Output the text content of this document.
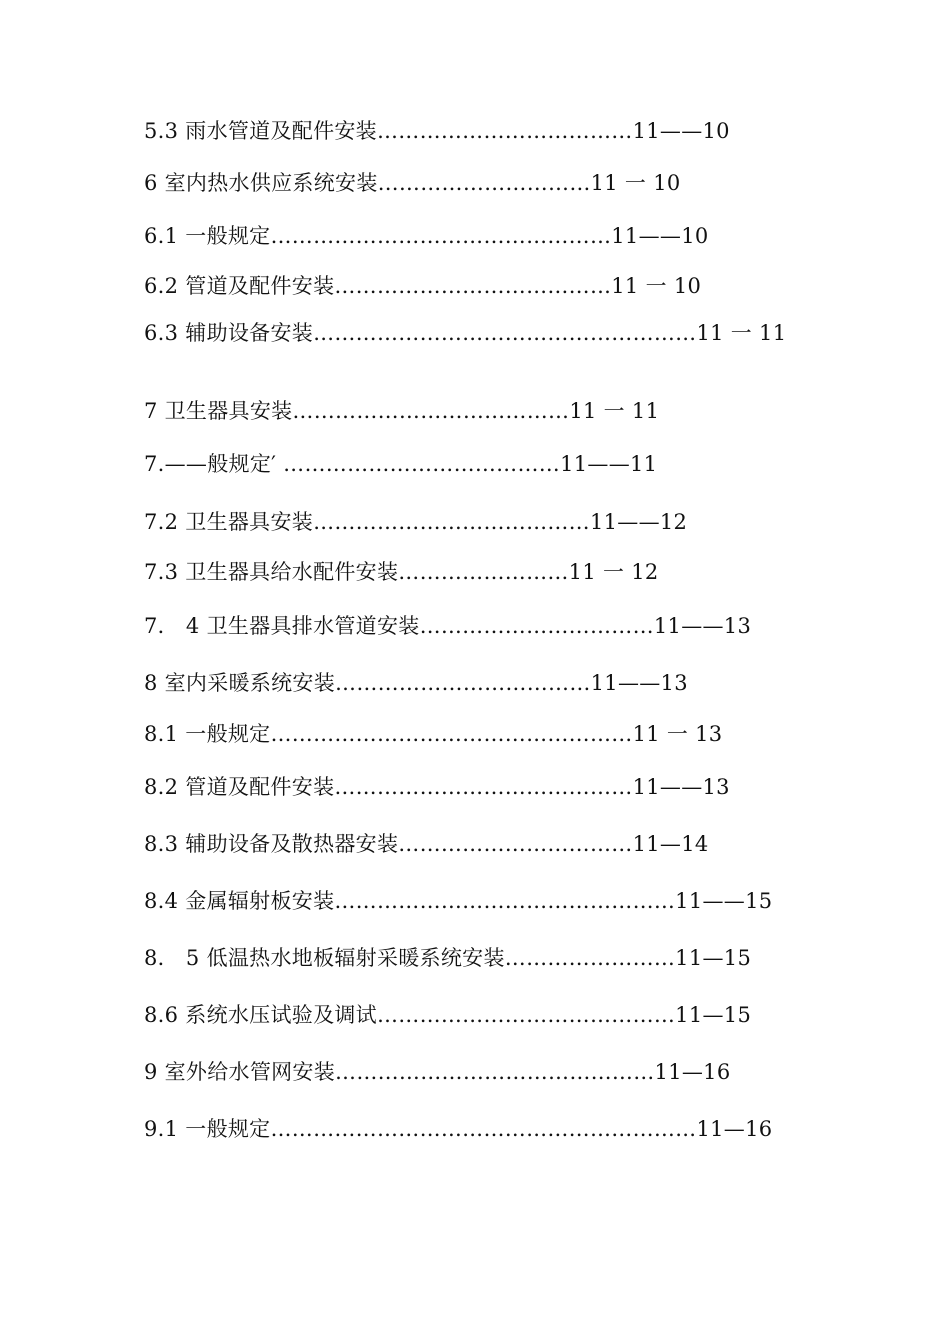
5.3 雨水管道及配件安装………………………………11——10
6 室内热水供应系统安装…………………………11 一 10
6.1 一般规定…………………………………………11——10
6.2 管道及配件安装…………………………………11 一 10
6.3 辅助设备安装………………………………………………11 一 11
7 卫生器具安装…………………………………11 一 11
7.——般规定′ …………………………………11——11
7.2 卫生器具安装…………………………………11——12
7.3 卫生器具给水配件安装……………………11 一 12
7． 4 卫生器具排水管道安装……………………………11——13
8 室内采暖系统安装………………………………11——13
8.1 一般规定……………………………………………11 一 13
8.2 管道及配件安装……………………………………11——13
8.3 辅助设备及散热器安装……………………………11—14
8.4 金属辐射板安装…………………………………………11——15
8． 5 低温热水地板辐射采暖系统安装……………………11—15
8.6 系统水压试验及调试……………………………………11—15
9 室外给水管网安装………………………………………11—16
9.1 一般规定……………………………………………………11—16
